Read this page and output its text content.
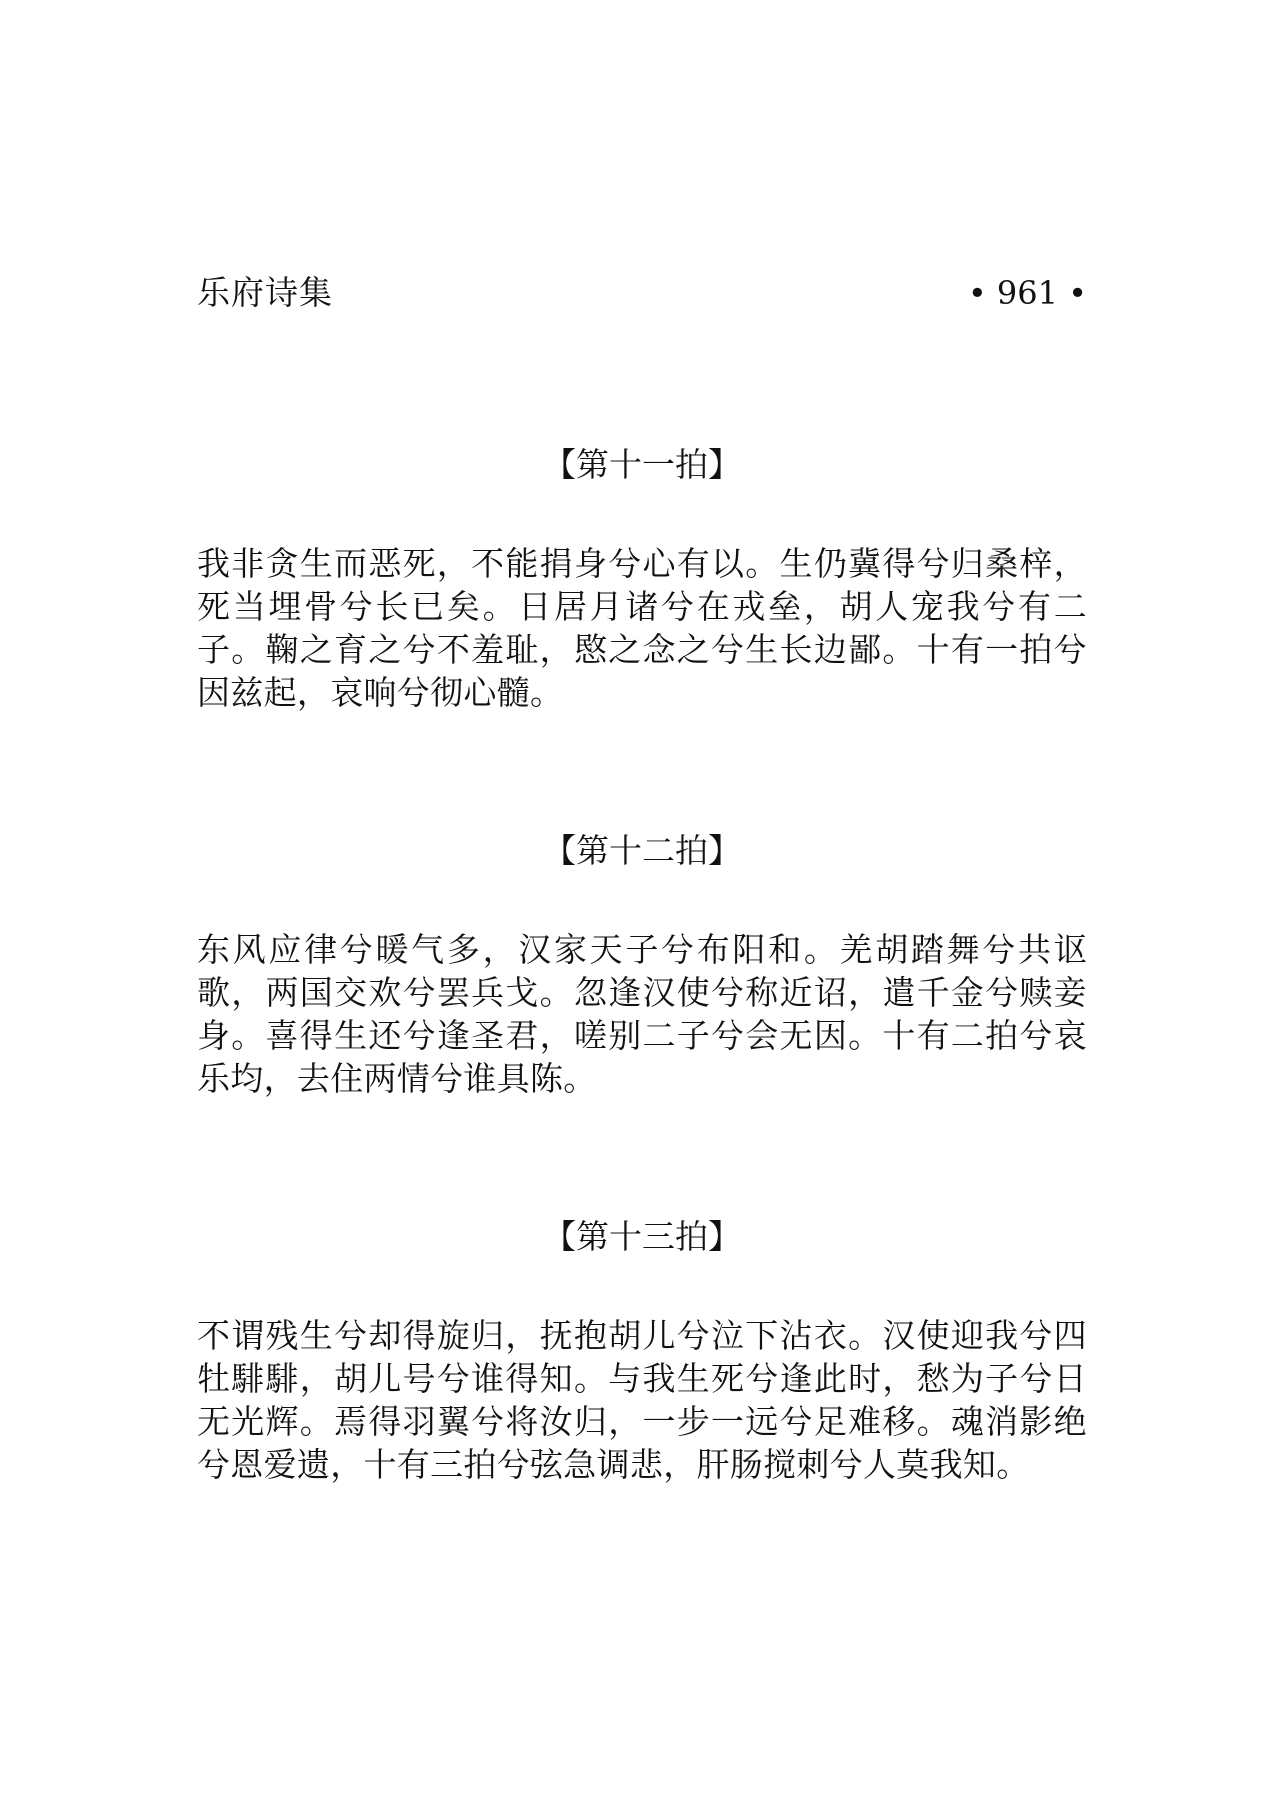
乐府诗集	• 961 •
【第十一拍】
我非贪生而恶死，不能捐身兮心有以。生仍冀得兮归桑梓，死当埋骨兮长已矣。日居月诸兮在戎垒，胡人宠我兮有二子。鞠之育之兮不羞耻，愍之念之兮生长边鄙。十有一拍兮因兹起，哀响兮彻心髓。
【第十二拍】
东风应律兮暖气多，汉家天子兮布阳和。羌胡踏舞兮共讴歌，两国交欢兮罢兵戈。忽逢汉使兮称近诏，遣千金兮赎妾身。喜得生还兮逢圣君，嗟别二子兮会无因。十有二拍兮哀乐均，去住两情兮谁具陈。
【第十三拍】
不谓残生兮却得旋归，抚抱胡儿兮泣下沾衣。汉使迎我兮四牡騑騑，胡儿号兮谁得知。与我生死兮逢此时，愁为子兮日无光辉。焉得羽翼兮将汝归，一步一远兮足难移。魂消影绝兮恩爱遗，十有三拍兮弦急调悲，肝肠搅刺兮人莫我知。
